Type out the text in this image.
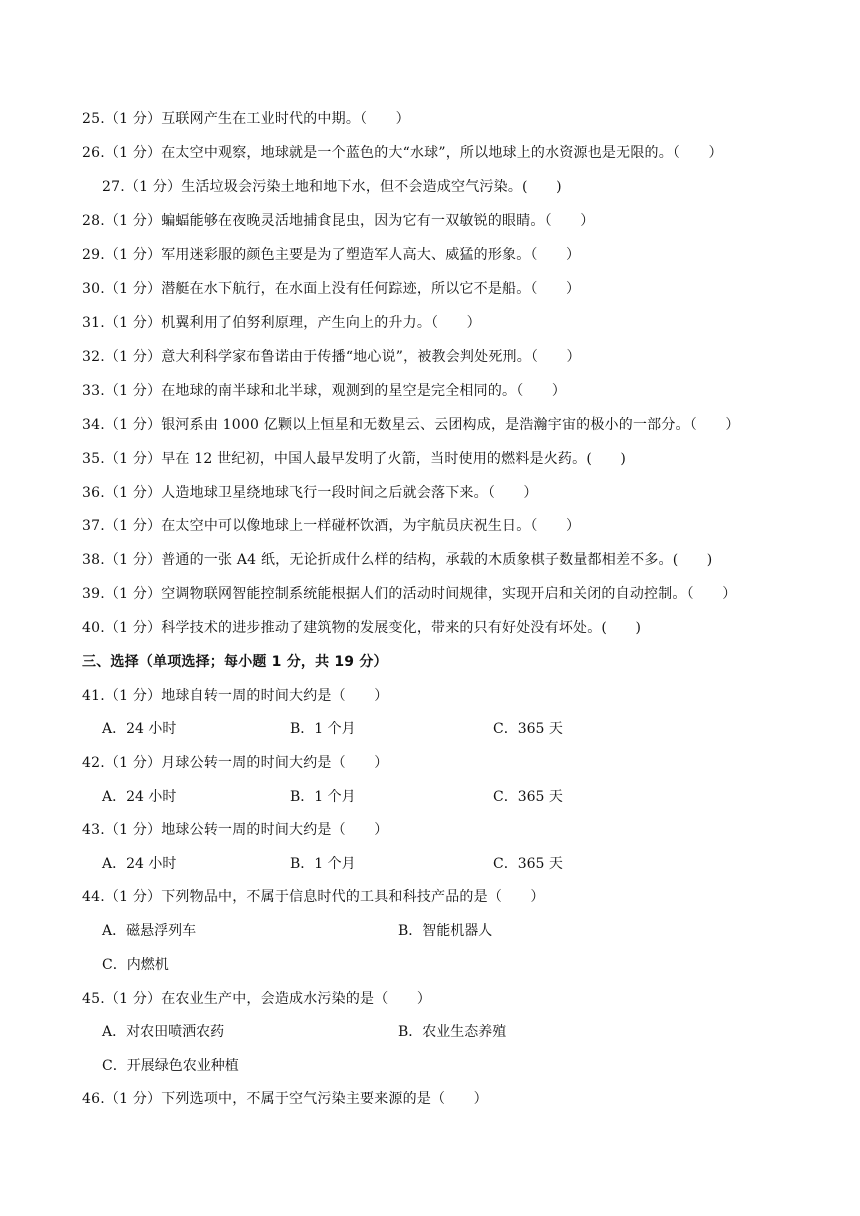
25.（1 分）互联网产生在工业时代的中期。（　　）
26.（1 分）在太空中观察，地球就是一个蓝色的大“水球”，所以地球上的水资源也是无限的。（　　）
27.（1 分）生活垃圾会污染土地和地下水，但不会造成空气污染。(　　)
28.（1 分）蝙蝠能够在夜晚灵活地捕食昆虫，因为它有一双敏锐的眼睛。（　　）
29.（1 分）军用迷彩服的颜色主要是为了塑造军人高大、威猛的形象。（　　）
30.（1 分）潜艇在水下航行，在水面上没有任何踪迹，所以它不是船。（　　）
31.（1 分）机翼利用了伯努利原理，产生向上的升力。（　　）
32.（1 分）意大利科学家布鲁诺由于传播“地心说”，被教会判处死刑。（　　）
33.（1 分）在地球的南半球和北半球，观测到的星空是完全相同的。（　　）
34.（1 分）银河系由 1000 亿颗以上恒星和无数星云、云团构成，是浩瀚宇宙的极小的一部分。（　　）
35.（1 分）早在 12 世纪初，中国人最早发明了火箭，当时使用的燃料是火药。(　　)
36.（1 分）人造地球卫星绕地球飞行一段时间之后就会落下来。（　　）
37.（1 分）在太空中可以像地球上一样碰杯饮酒，为宇航员庆祝生日。（　　）
38.（1 分）普通的一张 A4 纸，无论折成什么样的结构，承载的木质象棋子数量都相差不多。(　　)
39.（1 分）空调物联网智能控制系统能根据人们的活动时间规律，实现开启和关闭的自动控制。（　　）
40.（1 分）科学技术的进步推动了建筑物的发展变化，带来的只有好处没有坏处。(　　)
三、选择（单项选择；每小题 1 分，共 19 分）
41.（1 分）地球自转一周的时间大约是（　　）
A．24 小时	B．1 个月	C．365 天
42.（1 分）月球公转一周的时间大约是（　　）
A．24 小时	B．1 个月	C．365 天
43.（1 分）地球公转一周的时间大约是（　　）
A．24 小时	B．1 个月	C．365 天
44.（1 分）下列物品中，不属于信息时代的工具和科技产品的是（　　）
A．磁悬浮列车	B．智能机器人
C．内燃机
45.（1 分）在农业生产中，会造成水污染的是（　　）
A．对农田喷洒农药	B．农业生态养殖
C．开展绿色农业种植
46.（1 分）下列选项中，不属于空气污染主要来源的是（　　）
